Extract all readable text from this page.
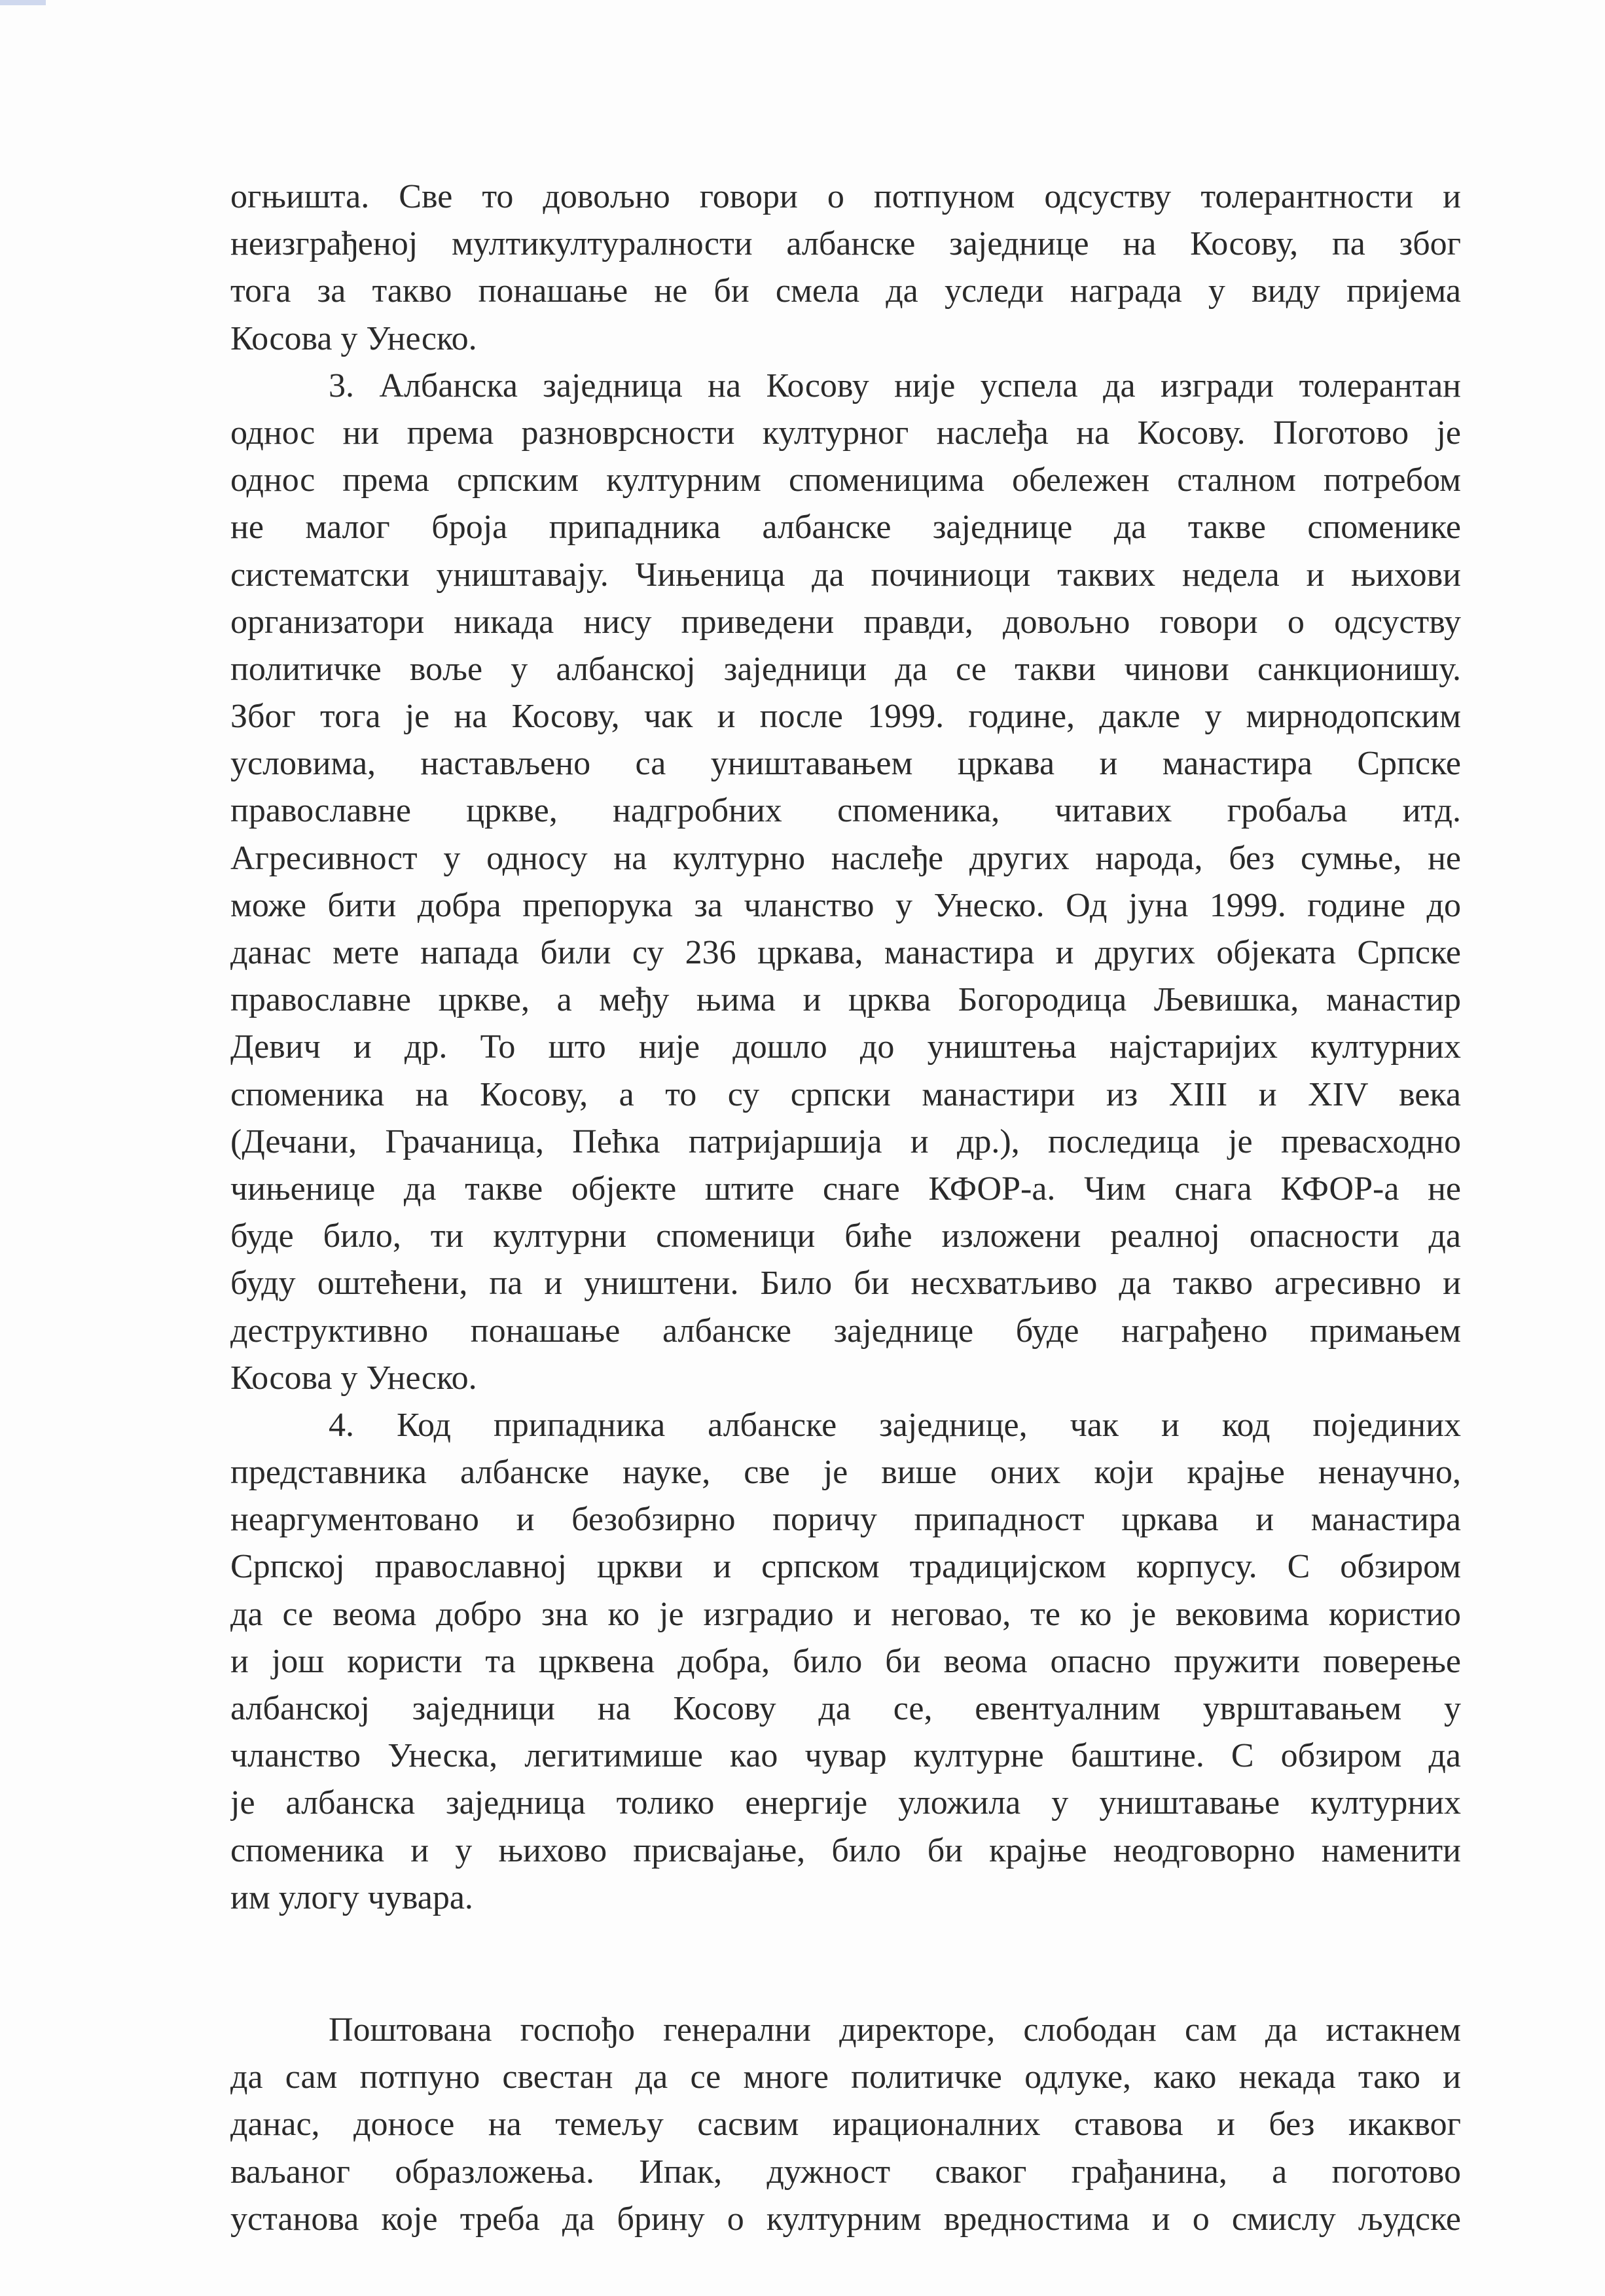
огњишта. Све то довољно говори о потпуном одсуству толерантности и

неизграђеној мултикултуралности албанске заједнице на Косову, па због

тога за такво понашање не би смела да уследи награда у виду пријема

Косова у Унеско.

3. Албанска заједница на Косову није успела да изгради толерантан

однос ни према разноврсности културног наслеђа на Косову. Поготово је

однос према српским културним споменицима обележен сталном потребом

не малог броја припадника албанске заједнице да такве споменике

систематски уништавају. Чињеница да починиоци таквих недела и њихови

организатори никада нису приведени правди, довољно говори о одсуству

политичке воље у албанској заједници да се такви чинови санкционишу.

Због тога је на Косову, чак и после 1999. године, дакле у мирнодопским

условима, настављено са уништавањем цркава и манастира Српске

православне цркве, надгробних споменика, читавих гробаља итд.

Агресивност у односу на културно наслеђе других народа, без сумње, не

може бити добра препорука за чланство у Унеско. Од јуна 1999. године до

данас мете напада били су 236 цркава, манастира и других објеката Српске

православне цркве, а међу њима и црква Богородица Љевишка, манастир

Девич и др. То што није дошло до уништења најстаријих културних

споменика на Косову, а то су српски манастири из XIII и XIV века

(Дечани, Грачаница, Пећка патријаршија и др.), последица је превасходно

чињенице да такве објекте штите снаге КФОР-а. Чим снага КФОР-а не

буде било, ти културни споменици биће изложени реалној опасности да

буду оштећени, па и уништени. Било би несхватљиво да такво агресивно и

деструктивно понашање албанске заједнице буде награђено примањем

Косова у Унеско.

4. Код припадника албанске заједнице, чак и код појединих

представника албанске науке, све је више оних који крајње ненаучно,

неаргументовано и безобзирно поричу припадност цркава и манастира

Српској православној цркви и српском традицијском корпусу. С обзиром

да се веома добро зна ко је изградио и неговао, те ко је вековима користио

и још користи та црквена добра, било би веома опасно пружити поверење

албанској заједници на Косову да се, евентуалним уврштавањем у

чланство Унеска, легитимише као чувар културне баштине. С обзиром да

је албанска заједница толико енергије уложила у уништавање културних

споменика и у њихово присвајање, било би крајње неодговорно наменити

им улогу чувара.

Поштована госпођо генерални директоре, слободан сам да истакнем

да сам потпуно свестан да се многе политичке одлуке, како некада тако и

данас, доносе на темељу сасвим ирационалних ставова и без икаквог

ваљаног образложења. Ипак, дужност сваког грађанина, а поготово

установа које треба да брину о културним вредностима и о смислу људске
